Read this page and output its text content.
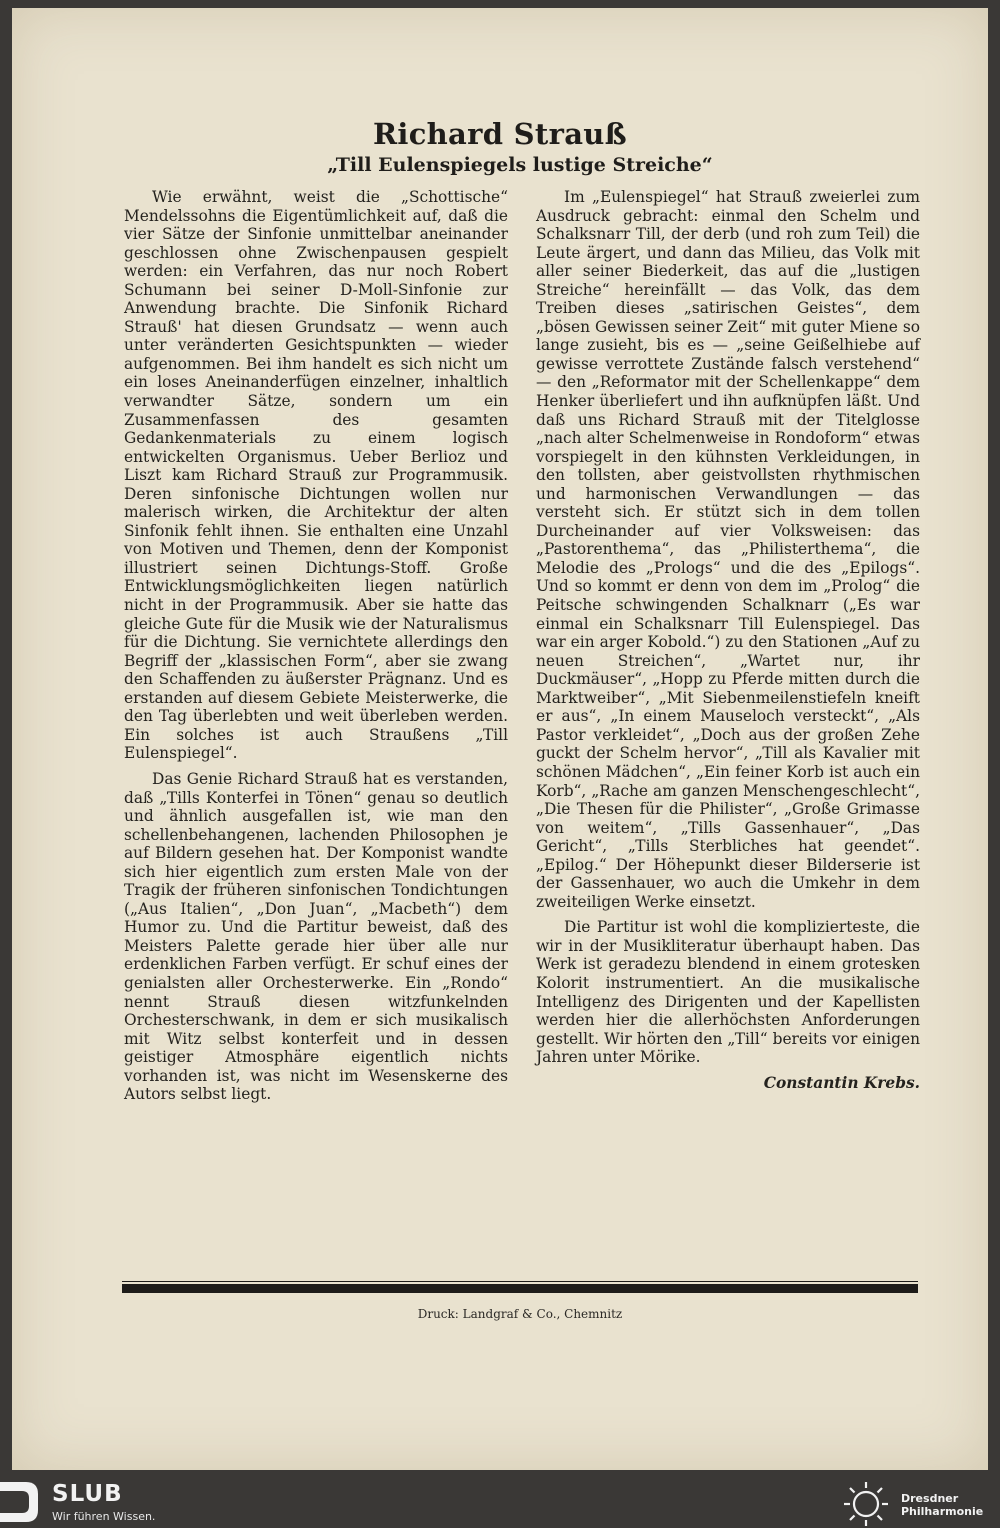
Richard Strauß
„Till Eulenspiegels lustige Streiche“

Wie erwähnt, weist die „Schottische“ Mendelssohns die Eigentümlichkeit auf, daß die vier Sätze der Sinfonie unmittelbar aneinander geschlossen ohne Zwischenpausen gespielt werden: ein Verfahren, das nur noch Robert Schumann bei seiner D-Moll-Sinfonie zur Anwendung brachte. Die Sinfonik Richard Strauß' hat diesen Grundsatz — wenn auch unter veränderten Gesichtspunkten — wieder aufgenommen. Bei ihm handelt es sich nicht um ein loses Aneinanderfügen einzelner, inhaltlich verwandter Sätze, sondern um ein Zusammenfassen des gesamten Gedankenmaterials zu einem logisch entwickelten Organismus. Ueber Berlioz und Liszt kam Richard Strauß zur Programmusik. Deren sinfonische Dichtungen wollen nur malerisch wirken, die Architektur der alten Sinfonik fehlt ihnen. Sie enthalten eine Unzahl von Motiven und Themen, denn der Komponist illustriert seinen Dichtungs-Stoff. Große Entwicklungsmöglichkeiten liegen natürlich nicht in der Programmusik. Aber sie hatte das gleiche Gute für die Musik wie der Naturalismus für die Dichtung. Sie vernichtete allerdings den Begriff der „klassischen Form“, aber sie zwang den Schaffenden zu äußerster Prägnanz. Und es erstanden auf diesem Gebiete Meisterwerke, die den Tag überlebten und weit überleben werden. Ein solches ist auch Straußens „Till Eulenspiegel“.

Das Genie Richard Strauß hat es verstanden, daß „Tills Konterfei in Tönen“ genau so deutlich und ähnlich ausgefallen ist, wie man den schellenbehangenen, lachenden Philosophen je auf Bildern gesehen hat. Der Komponist wandte sich hier eigentlich zum ersten Male von der Tragik der früheren sinfonischen Tondichtungen („Aus Italien“, „Don Juan“, „Macbeth“) dem Humor zu. Und die Partitur beweist, daß des Meisters Palette gerade hier über alle nur erdenklichen Farben verfügt. Er schuf eines der genialsten aller Orchesterwerke. Ein „Rondo“ nennt Strauß diesen witzfunkelnden Orchesterschwank, in dem er sich musikalisch mit Witz selbst konterfeit und in dessen geistiger Atmosphäre eigentlich nichts vorhanden ist, was nicht im Wesenskerne des Autors selbst liegt.

Im „Eulenspiegel“ hat Strauß zweierlei zum Ausdruck gebracht: einmal den Schelm und Schalksnarr Till, der derb (und roh zum Teil) die Leute ärgert, und dann das Milieu, das Volk mit aller seiner Biederkeit, das auf die „lustigen Streiche“ hereinfällt — das Volk, das dem Treiben dieses „satirischen Geistes“, dem „bösen Gewissen seiner Zeit“ mit guter Miene so lange zusieht, bis es — „seine Geißelhiebe auf gewisse verrottete Zustände falsch verstehend“ — den „Reformator mit der Schellenkappe“ dem Henker überliefert und ihn aufknüpfen läßt. Und daß uns Richard Strauß mit der Titelglosse „nach alter Schelmenweise in Rondoform“ etwas vorspiegelt in den kühnsten Verkleidungen, in den tollsten, aber geistvollsten rhythmischen und harmonischen Verwandlungen — das versteht sich. Er stützt sich in dem tollen Durcheinander auf vier Volksweisen: das „Pastorenthema“, das „Philisterthema“, die Melodie des „Prologs“ und die des „Epilogs“. Und so kommt er denn von dem im „Prolog“ die Peitsche schwingenden Schalknarr („Es war einmal ein Schalksnarr Till Eulenspiegel. Das war ein arger Kobold.“) zu den Stationen „Auf zu neuen Streichen“, „Wartet nur, ihr Duckmäuser“, „Hopp zu Pferde mitten durch die Marktweiber“, „Mit Siebenmeilenstiefeln kneift er aus“, „In einem Mauseloch versteckt“, „Als Pastor verkleidet“, „Doch aus der großen Zehe guckt der Schelm hervor“, „Till als Kavalier mit schönen Mädchen“, „Ein feiner Korb ist auch ein Korb“, „Rache am ganzen Menschengeschlecht“, „Die Thesen für die Philister“, „Große Grimasse von weitem“, „Tills Gassenhauer“, „Das Gericht“, „Tills Sterbliches hat geendet“. „Epilog.“ Der Höhepunkt dieser Bilderserie ist der Gassenhauer, wo auch die Umkehr in dem zweiteiligen Werke einsetzt.

Die Partitur ist wohl die komplizierteste, die wir in der Musikliteratur überhaupt haben. Das Werk ist geradezu blendend in einem grotesken Kolorit instrumentiert. An die musikalische Intelligenz des Dirigenten und der Kapellisten werden hier die allerhöchsten Anforderungen gestellt. Wir hörten den „Till“ bereits vor einigen Jahren unter Mörike.

Constantin Krebs.
Druck: Landgraf & Co., Chemnitz
SLUB
Wir führen Wissen.
Dresdner
Philharmonie
